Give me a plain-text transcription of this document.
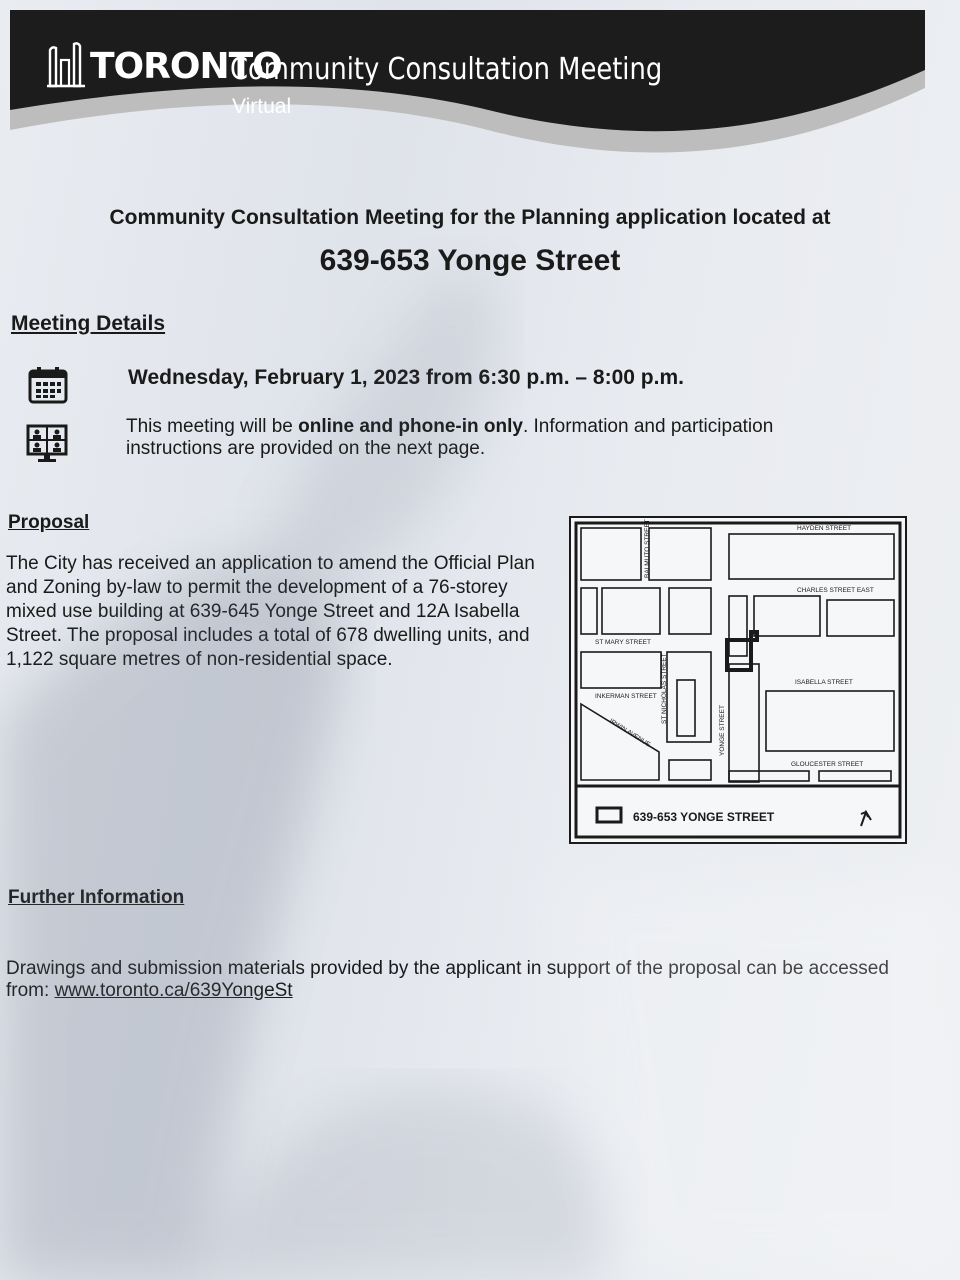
TORONTO
Community Consultation Meeting
Virtual
Community Consultation Meeting for the Planning application located at
639-653 Yonge Street
Meeting Details
Wednesday, February 1, 2023 from 6:30 p.m. – 8:00 p.m.
This meeting will be online and phone-in only. Information and participation instructions are provided on the next page.
Proposal
The City has received an application to amend the Official Plan and Zoning by-law to permit the development of a 76-storey mixed use building at 639-645 Yonge Street and 12A Isabella Street. The proposal includes a total of 678 dwelling units, and 1,122 square metres of non-residential space.
HAYDEN STREET
CHARLES STREET EAST
ST MARY STREET
ISABELLA STREET
GLOUCESTER STREET
BALMUTO STREET
ST NICHOLAS STREET
YONGE STREET
IRWIN AVENUE
INKERMAN STREET
639-653 YONGE STREET
Further Information
Drawings and submission materials provided by the applicant in support of the proposal can be accessed from: www.toronto.ca/639YongeSt
